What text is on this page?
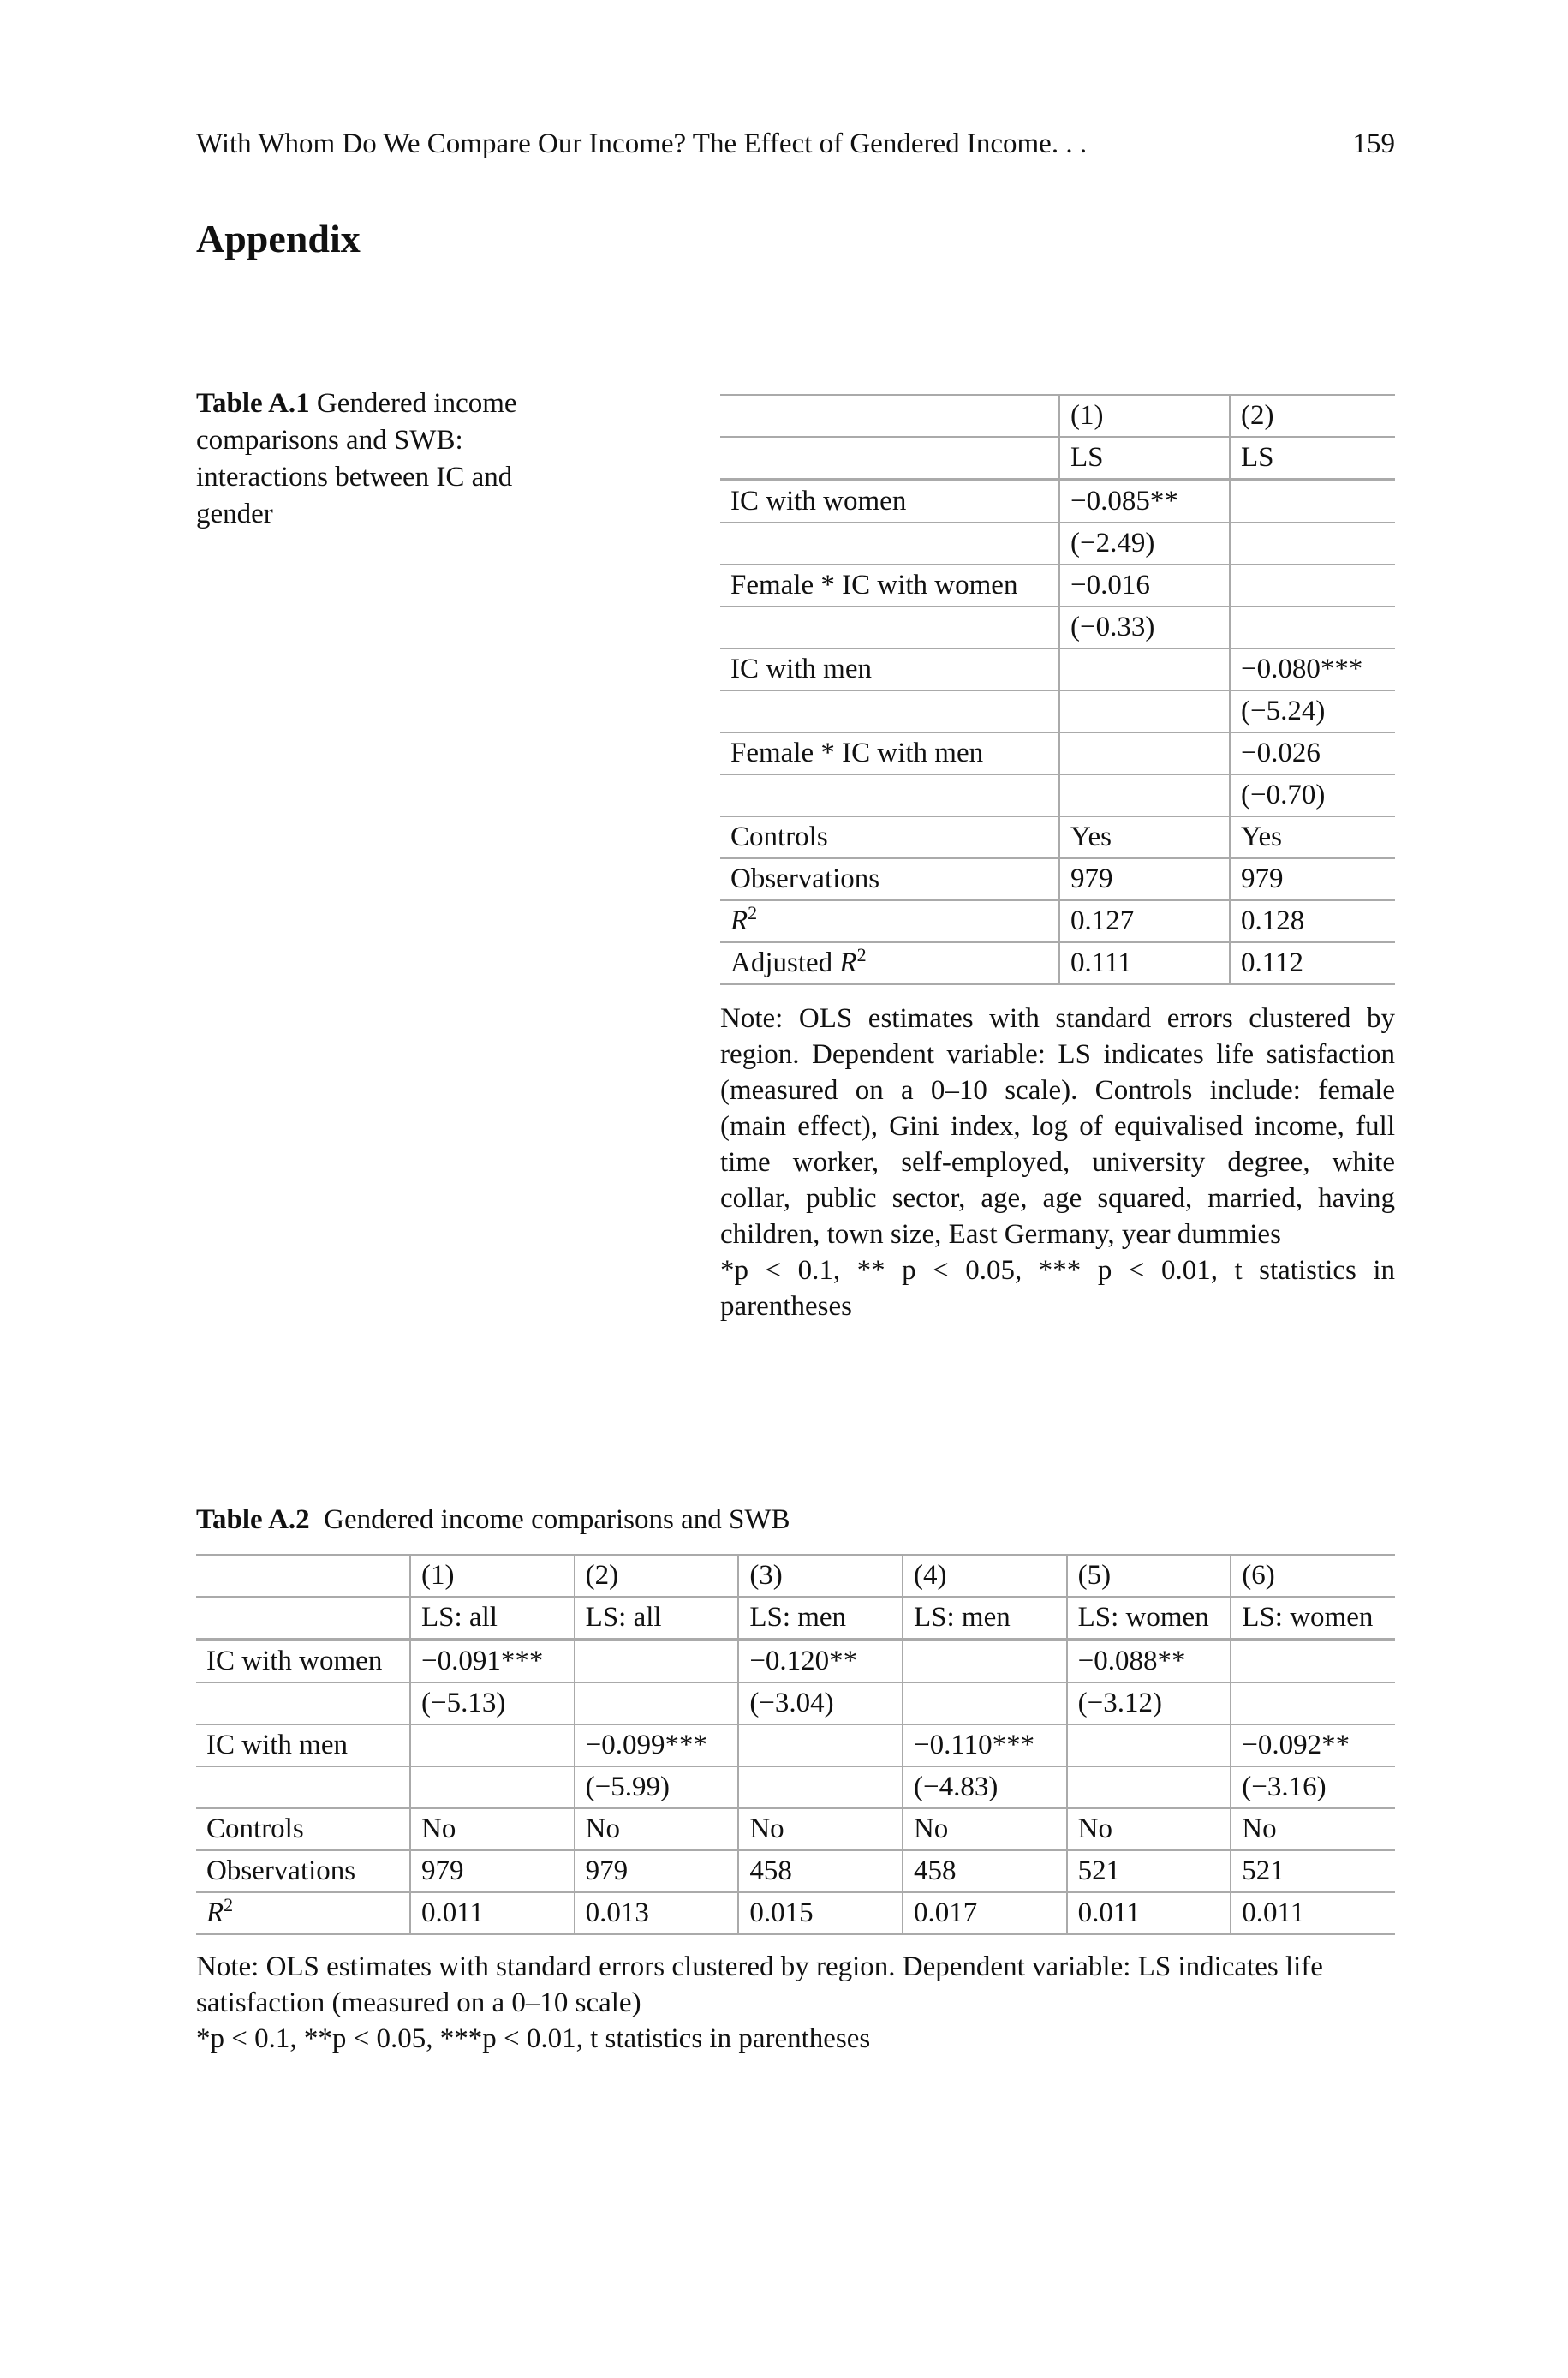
With Whom Do We Compare Our Income? The Effect of Gendered Income. . .	159
Appendix
Table A.1 Gendered income comparisons and SWB: interactions between IC and gender
	(1)	(2)
	LS	LS
IC with women	−0.085**	
	(−2.49)	
Female * IC with women	−0.016	
	(−0.33)	
IC with men		−0.080***
		(−5.24)
Female * IC with men		−0.026
		(−0.70)
Controls	Yes	Yes
Observations	979	979
$R^2$	0.127	0.128
Adjusted $R^2$	0.111	0.112

Note: OLS estimates with standard errors clustered by region. Dependent variable: LS indicates life satisfaction (measured on a 0–10 scale). Controls include: female (main effect), Gini index, log of equivalised income, full time worker, self-employed, university degree, white collar, public sector, age, age squared, married, having children, town size, East Germany, year dummies

*p < 0.1, ** p < 0.05, *** p < 0.01, t statistics in parentheses

Table A.2 Gendered income comparisons and SWB
	(1)	(2)	(3)	(4)	(5)	(6)
	LS: all	LS: all	LS: men	LS: men	LS: women	LS: women
IC with women	−0.091***		−0.120**		−0.088**	
	(−5.13)		(−3.04)		(−3.12)	
IC with men		−0.099***		−0.110***		−0.092**
		(−5.99)		(−4.83)		(−3.16)
Controls	No	No	No	No	No	No
Observations	979	979	458	458	521	521
$R^2$	0.011	0.013	0.015	0.017	0.011	0.011

Note: OLS estimates with standard errors clustered by region. Dependent variable: LS indicates life satisfaction (measured on a 0–10 scale)

*p < 0.1, **p < 0.05, ***p < 0.01, t statistics in parentheses
